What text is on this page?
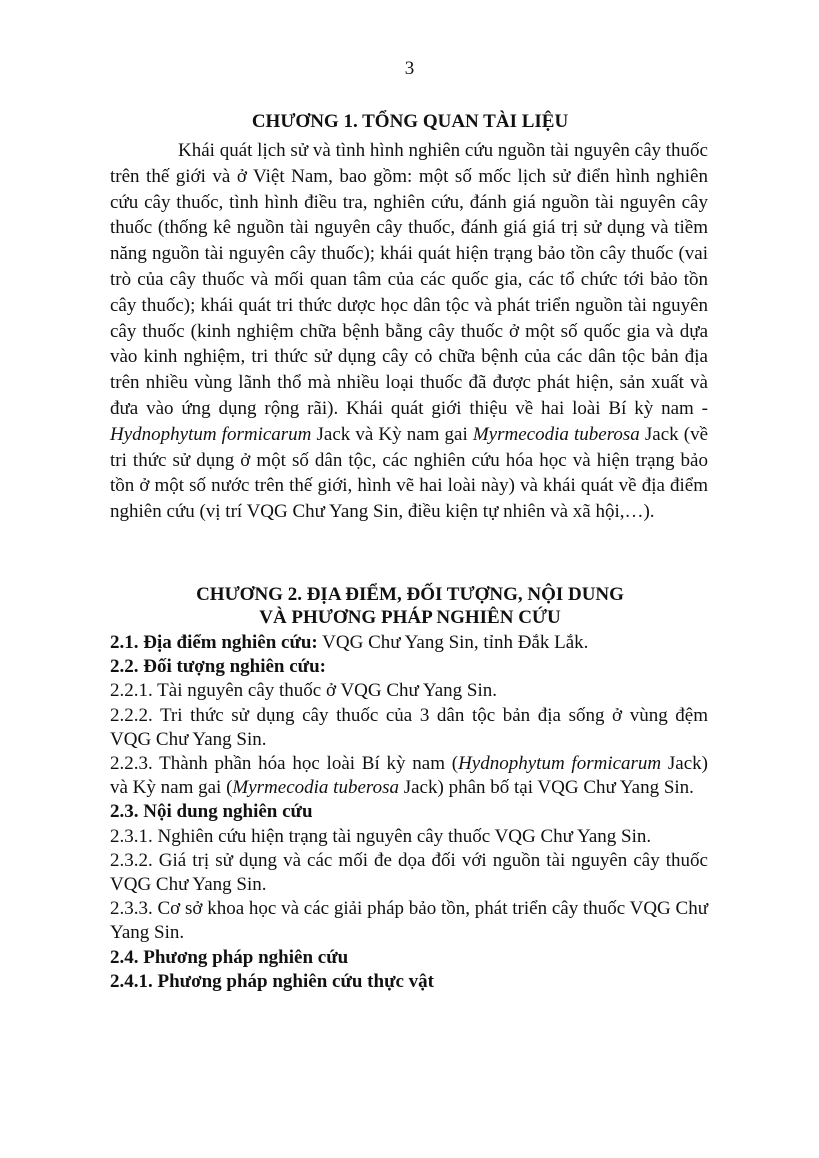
3
CHƯƠNG 1. TỔNG QUAN TÀI LIỆU

Khái quát lịch sử và tình hình nghiên cứu nguồn tài nguyên cây thuốc trên thế giới và ở Việt Nam, bao gồm: một số mốc lịch sử điển hình nghiên cứu cây thuốc, tình hình điều tra, nghiên cứu, đánh giá nguồn tài nguyên cây thuốc (thống kê nguồn tài nguyên cây thuốc, đánh giá giá trị sử dụng và tiềm năng nguồn tài nguyên cây thuốc); khái quát hiện trạng bảo tồn cây thuốc (vai trò của cây thuốc và mối quan tâm của các quốc gia, các tổ chức tới bảo tồn cây thuốc); khái quát tri thức dược học dân tộc và phát triển nguồn tài nguyên cây thuốc (kinh nghiệm chữa bệnh bằng cây thuốc ở một số quốc gia và dựa vào kinh nghiệm, tri thức sử dụng cây cỏ chữa bệnh của các dân tộc bản địa trên nhiều vùng lãnh thổ mà nhiều loại thuốc đã được phát hiện, sản xuất và đưa vào ứng dụng rộng rãi). Khái quát giới thiệu về hai loài Bí kỳ nam - Hydnophytum formicarum Jack và Kỳ nam gai Myrmecodia tuberosa Jack (về tri thức sử dụng ở một số dân tộc, các nghiên cứu hóa học và hiện trạng bảo tồn ở một số nước trên thế giới, hình vẽ hai loài này) và khái quát về địa điểm nghiên cứu (vị trí VQG Chư Yang Sin, điều kiện tự nhiên và xã hội,…).

CHƯƠNG 2. ĐỊA ĐIỂM, ĐỐI TƯỢNG, NỘI DUNG
VÀ PHƯƠNG PHÁP NGHIÊN CỨU

2.1. Địa điểm nghiên cứu: VQG Chư Yang Sin, tỉnh Đắk Lắk.

2.2. Đối tượng nghiên cứu:

2.2.1. Tài nguyên cây thuốc ở VQG Chư Yang Sin.

2.2.2. Tri thức sử dụng cây thuốc của 3 dân tộc bản địa sống ở vùng đệm VQG Chư Yang Sin.

2.2.3. Thành phần hóa học loài Bí kỳ nam (Hydnophytum formicarum Jack) và Kỳ nam gai (Myrmecodia tuberosa Jack) phân bố tại VQG Chư Yang Sin.

2.3. Nội dung nghiên cứu

2.3.1. Nghiên cứu hiện trạng tài nguyên cây thuốc VQG Chư Yang Sin.

2.3.2. Giá trị sử dụng và các mối đe dọa đối với nguồn tài nguyên cây thuốc VQG Chư Yang Sin.

2.3.3. Cơ sở khoa học và các giải pháp bảo tồn, phát triển cây thuốc VQG Chư Yang Sin.

2.4. Phương pháp nghiên cứu

2.4.1. Phương pháp nghiên cứu thực vật
